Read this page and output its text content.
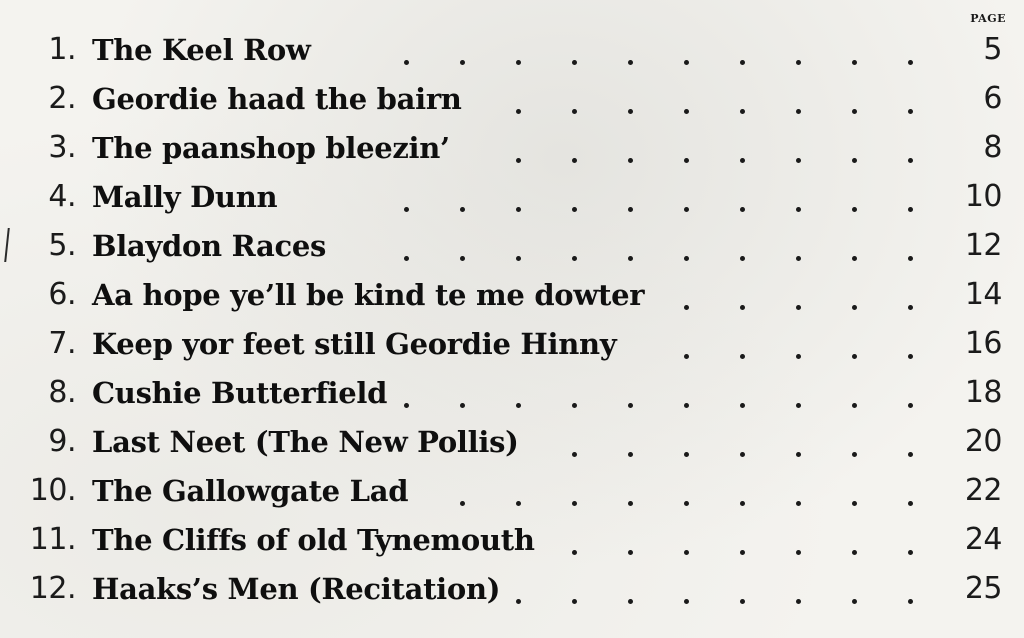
PAGE
1. The Keel Row	5
2. Geordie haad the bairn	6
3. The paanshop bleezin’	8
4. Mally Dunn	10
5. Blaydon Races	12
6. Aa hope ye’ll be kind te me dowter	14
7. Keep yor feet still Geordie Hinny	16
8. Cushie Butterfield	18
9. Last Neet (The New Pollis)	20
10. The Gallowgate Lad	22
11. The Cliffs of old Tynemouth	24
12. Haaks’s Men (Recitation)	25
